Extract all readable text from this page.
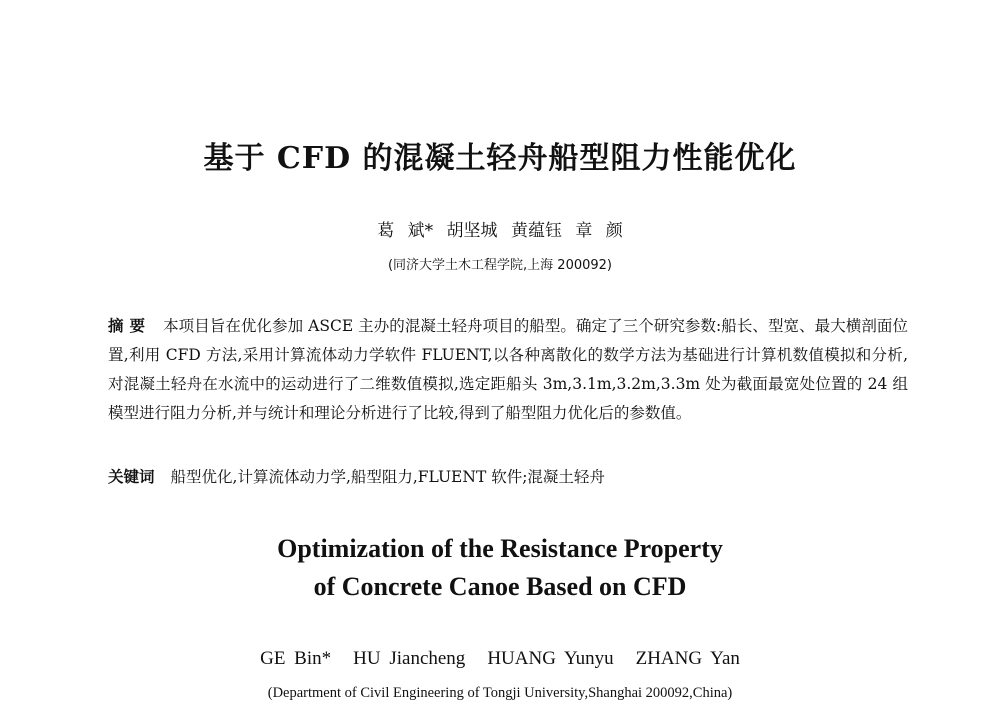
基于 CFD 的混凝土轻舟船型阻力性能优化
葛 斌* 胡坚城 黄蕴钰 章 颜
(同济大学土木工程学院,上海 200092)
摘要 本项目旨在优化参加 ASCE 主办的混凝土轻舟项目的船型。确定了三个研究参数:船长、型宽、最大横剖面位置,利用 CFD 方法,采用计算流体动力学软件 FLUENT,以各种离散化的数学方法为基础进行计算机数值模拟和分析,对混凝土轻舟在水流中的运动进行了二维数值模拟,选定距船头 3m,3.1m,3.2m,3.3m 处为截面最宽处位置的 24 组模型进行阻力分析,并与统计和理论分析进行了比较,得到了船型阻力优化后的参数值。
关键词 船型优化,计算流体动力学,船型阻力,FLUENT 软件;混凝土轻舟
Optimization of the Resistance Property
of Concrete Canoe Based on CFD
GE Bin* HU Jiancheng HUANG Yunyu ZHANG Yan
(Department of Civil Engineering of Tongji University,Shanghai 200092,China)
